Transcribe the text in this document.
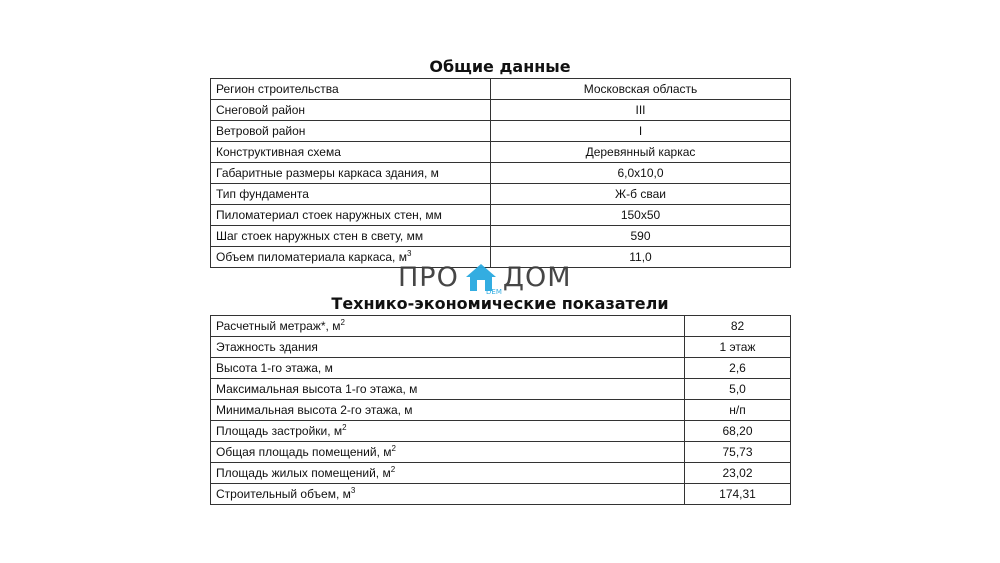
Общие данные
Регион строительства	Московская область
Снеговой район	III
Ветровой район	I
Конструктивная схема	Деревянный каркас
Габаритные размеры каркаса здания, м	6,0х10,0
Тип фундамента	Ж-б сваи
Пиломатериал стоек наружных стен, мм	150х50
Шаг стоек наружных стен в свету, мм	590
Объем пиломатериала каркаса, $м^3$	11,0
ПРО ДОМ
DEM
Технико-экономические показатели
Расчетный метраж*, $м^2$	82
Этажность здания	1 этаж
Высота 1-го этажа, м	2,6
Максимальная высота 1-го этажа, м	5,0
Минимальная высота 2-го этажа, м	н/п
Площадь застройки, $м^2$	68,20
Общая площадь помещений, $м^2$	75,73
Площадь жилых помещений, $м^2$	23,02
Строительный объем, $м^3$	174,31
